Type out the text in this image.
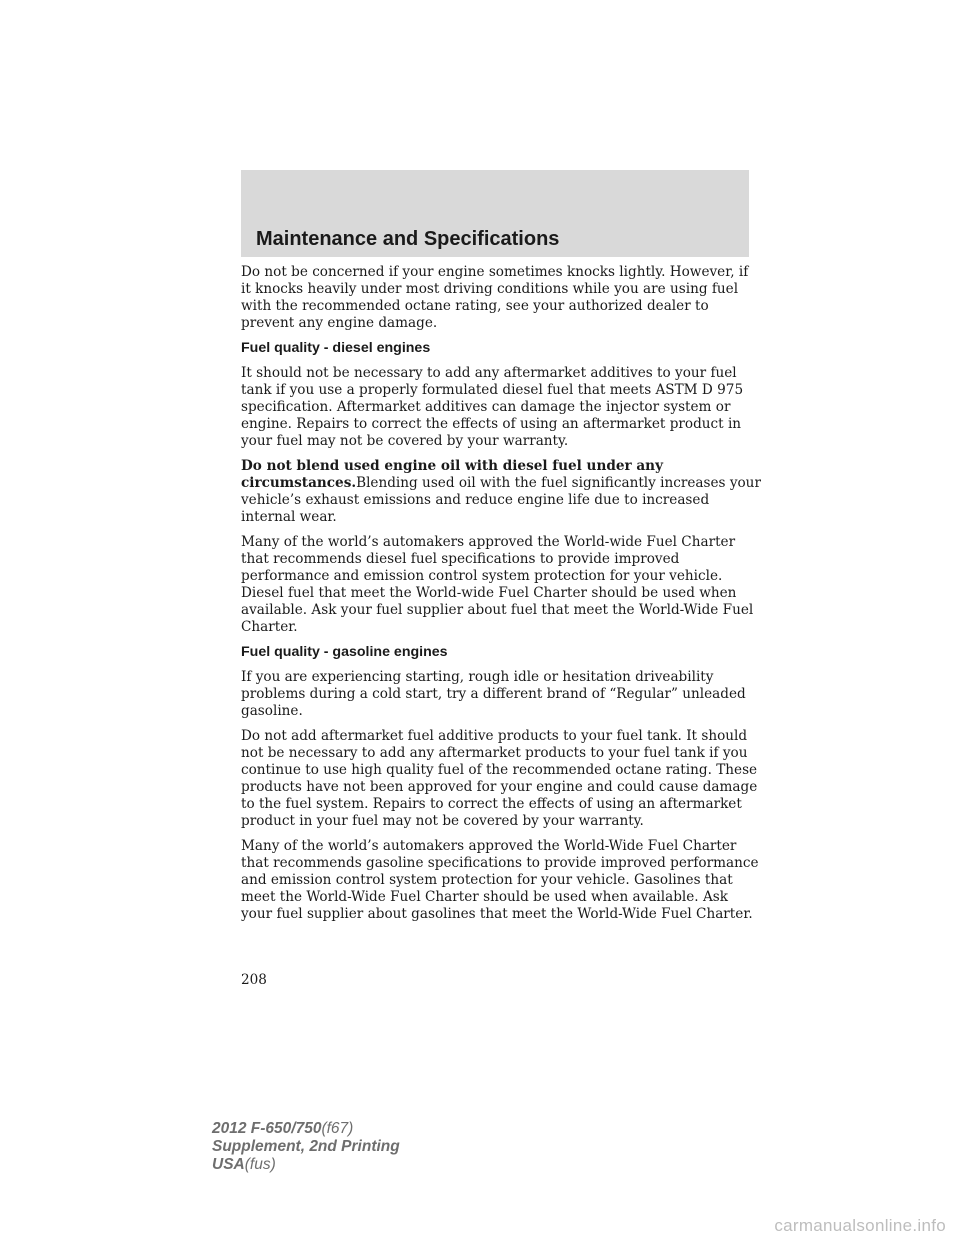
Maintenance and Specifications

Do not be concerned if your engine sometimes knocks lightly. However, if it knocks heavily under most driving conditions while you are using fuel with the recommended octane rating, see your authorized dealer to prevent any engine damage.

Fuel quality - diesel engines

It should not be necessary to add any aftermarket additives to your fuel tank if you use a properly formulated diesel fuel that meets ASTM D 975 specification. Aftermarket additives can damage the injector system or engine. Repairs to correct the effects of using an aftermarket product in your fuel may not be covered by your warranty.

Do not blend used engine oil with diesel fuel under any circumstances.Blending used oil with the fuel significantly increases your vehicle’s exhaust emissions and reduce engine life due to increased internal wear.

Many of the world’s automakers approved the World-wide Fuel Charter that recommends diesel fuel specifications to provide improved performance and emission control system protection for your vehicle. Diesel fuel that meet the World-wide Fuel Charter should be used when available. Ask your fuel supplier about fuel that meet the World-Wide Fuel Charter.

Fuel quality - gasoline engines

If you are experiencing starting, rough idle or hesitation driveability problems during a cold start, try a different brand of “Regular” unleaded gasoline.

Do not add aftermarket fuel additive products to your fuel tank. It should not be necessary to add any aftermarket products to your fuel tank if you continue to use high quality fuel of the recommended octane rating. These products have not been approved for your engine and could cause damage to the fuel system. Repairs to correct the effects of using an aftermarket product in your fuel may not be covered by your warranty.

Many of the world’s automakers approved the World-Wide Fuel Charter that recommends gasoline specifications to provide improved performance and emission control system protection for your vehicle. Gasolines that meet the World-Wide Fuel Charter should be used when available. Ask your fuel supplier about gasolines that meet the World-Wide Fuel Charter.

208
2012 F-650/750(f67)
Supplement, 2nd Printing
USA(fus)
carmanualsonline.info
